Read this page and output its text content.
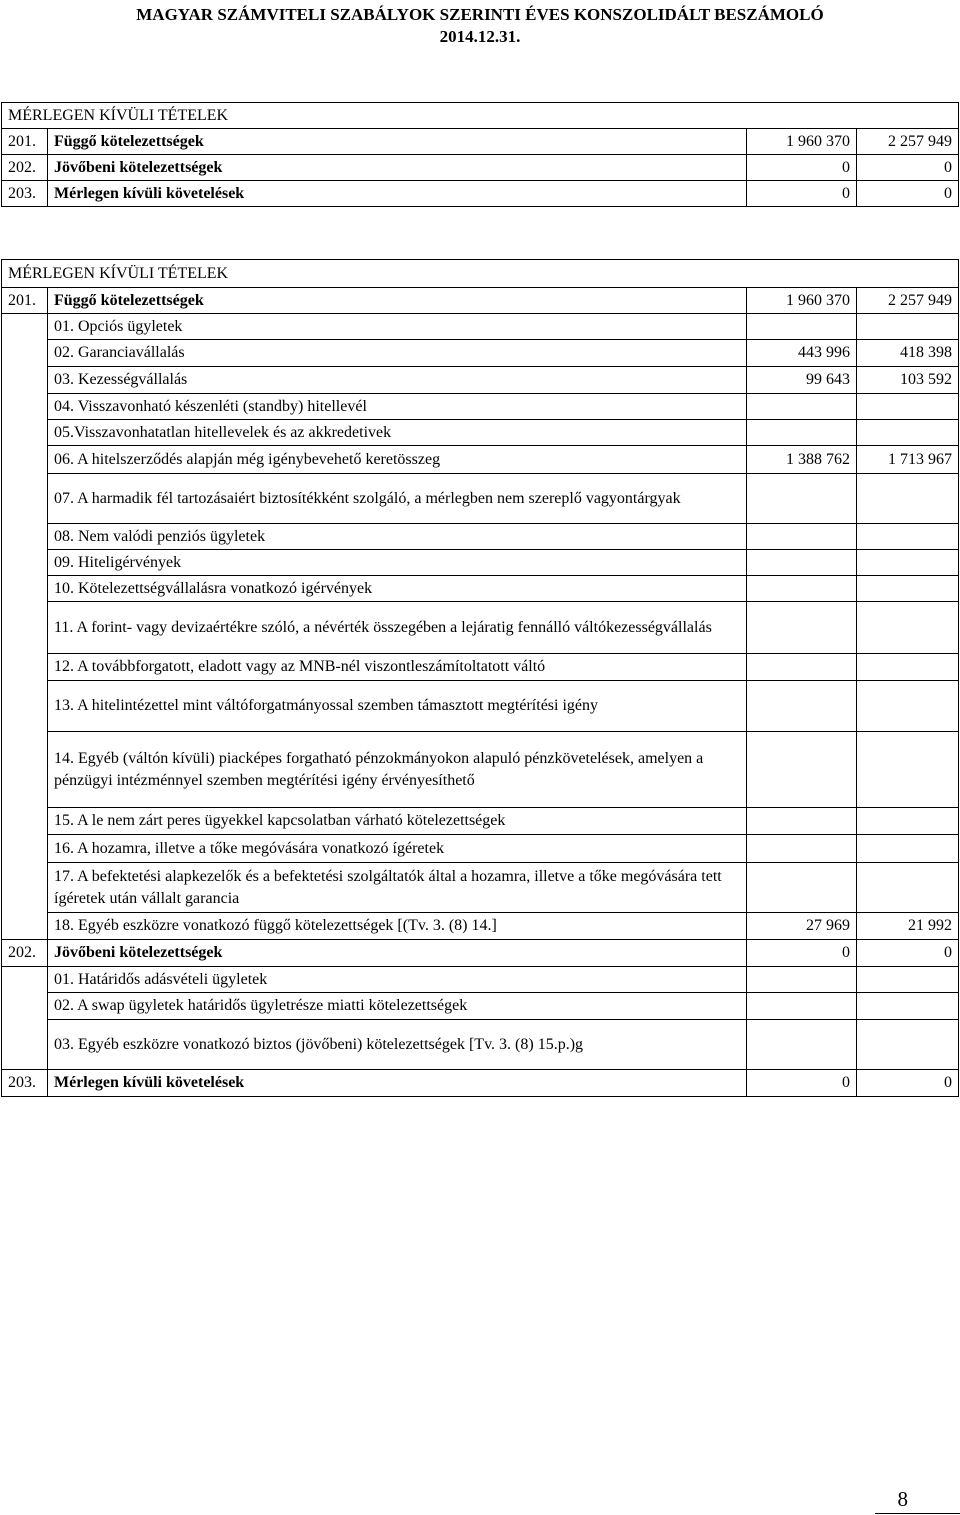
MAGYAR SZÁMVITELI SZABÁLYOK SZERINTI ÉVES KONSZOLIDÁLT BESZÁMOLÓ
2014.12.31.
MÉRLEGEN KÍVÜLI TÉTELEK			
201.	Függő kötelezettségek	1 960 370	2 257 949
202.	Jövőbeni kötelezettségek	0	0
203.	Mérlegen kívüli követelések	0	0
MÉRLEGEN KÍVÜLI TÉTELEK			
201.	Függő kötelezettségek	1 960 370	2 257 949
	01. Opciós ügyletek		
	02. Garanciavállalás	443 996	418 398
	03. Kezességvállalás	99 643	103 592
	04. Visszavonható készenléti (standby) hitellevél		
	05.Visszavonhatatlan hitellevelek és az akkredetivek		
	06. A hitelszerződés alapján még igénybevehető keretösszeg	1 388 762	1 713 967
	07. A harmadik fél tartozásaiért biztosítékként szolgáló, a mérlegben nem szereplő vagyontárgyak		
	08. Nem valódi penziós ügyletek		
	09. Hiteligérvények		
	10. Kötelezettségvállalásra vonatkozó igérvények		
	11. A forint- vagy devizaértékre szóló, a névérték összegében a lejáratig fennálló váltókezességvállalás		
	12. A továbbforgatott, eladott vagy az MNB-nél viszontleszámítoltatott váltó		
	13. A hitelintézettel mint váltóforgatmányossal szemben támasztott megtérítési igény		
	14. Egyéb (váltón kívüli) piacképes forgatható pénzokmányokon alapuló pénzkövetelések, amelyen a pénzügyi intézménnyel szemben megtérítési igény érvényesíthető		
	15. A le nem zárt peres ügyekkel kapcsolatban várható kötelezettségek		
	16. A hozamra, illetve a tőke megóvására vonatkozó ígéretek		
	17. A befektetési alapkezelők és a befektetési szolgáltatók által a hozamra, illetve a tőke megóvására tett ígéretek után vállalt garancia		
	18. Egyéb eszközre vonatkozó függő kötelezettségek [(Tv. 3. (8) 14.]	27 969	21 992
202.	Jövőbeni kötelezettségek	0	0
	01. Határidős adásvételi ügyletek		
	02. A swap ügyletek határidős ügyletrésze miatti kötelezettségek		
	03. Egyéb eszközre vonatkozó biztos (jövőbeni) kötelezettségek [Tv. 3. (8) 15.p.)g		
203.	Mérlegen kívüli követelések	0	0
8
